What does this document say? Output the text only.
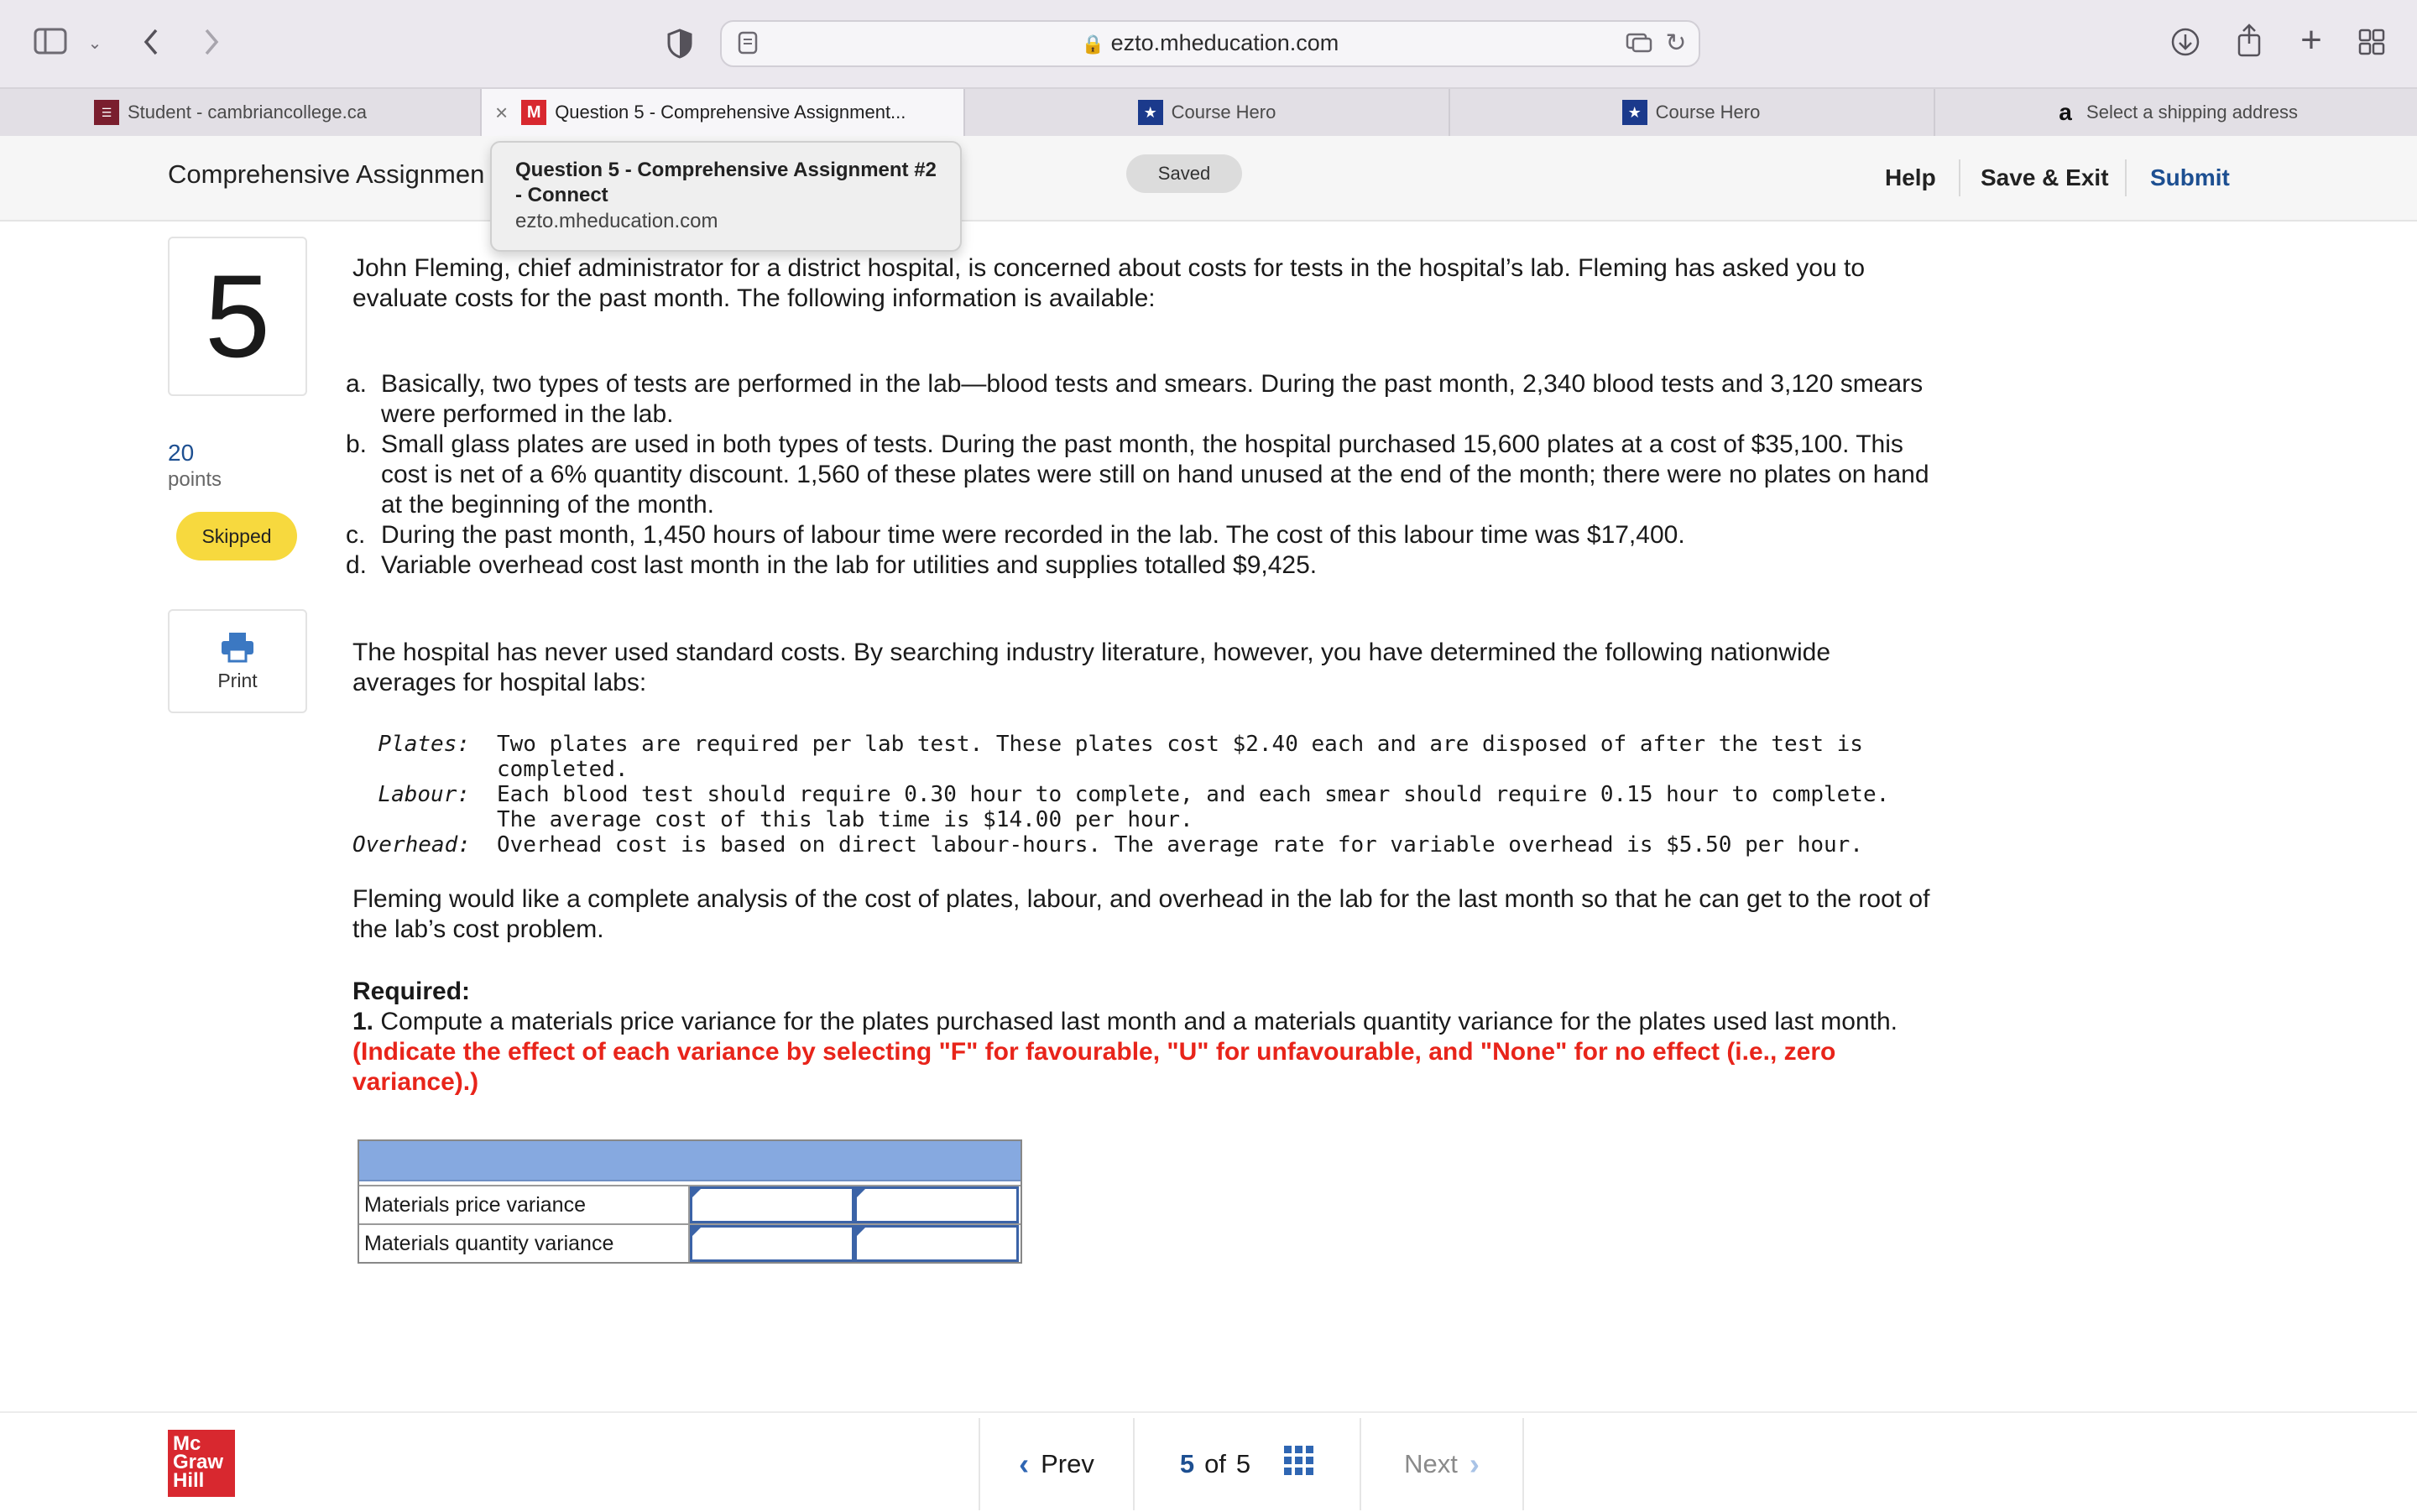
⌄	🔒 ezto.mheducation.com	↻	+
☰ Student - cambriancollege.ca	×	M Question 5 - Comprehensive Assignment...	★ Course Hero	★ Course Hero	a Select a shipping address
Comprehensive Assignmen	Saved	Help Save & Exit Submit
Question 5 - Comprehensive Assignment #2 - Connect
ezto.mheducation.com
5
20
points
Skipped
Print
John Fleming, chief administrator for a district hospital, is concerned about costs for tests in the hospital’s lab. Fleming has asked you to evaluate costs for the past month. The following information is available:
a. Basically, two types of tests are performed in the lab—blood tests and smears. During the past month, 2,340 blood tests and 3,120 smears were performed in the lab.
b. Small glass plates are used in both types of tests. During the past month, the hospital purchased 15,600 plates at a cost of $35,100. This cost is net of a 6% quantity discount. 1,560 of these plates were still on hand unused at the end of the month; there were no plates on hand at the beginning of the month.
c. During the past month, 1,450 hours of labour time were recorded in the lab. The cost of this labour time was $17,400.
d. Variable overhead cost last month in the lab for utilities and supplies totalled $9,425.
The hospital has never used standard costs. By searching industry literature, however, you have determined the following nationwide averages for hospital labs:
Plates: Two plates are required per lab test. These plates cost $2.40 each and are disposed of after the test is
completed.
Labour: Each blood test should require 0.30 hour to complete, and each smear should require 0.15 hour to complete.
The average cost of this lab time is $14.00 per hour.
Overhead: Overhead cost is based on direct labour-hours. The average rate for variable overhead is $5.50 per hour.
Fleming would like a complete analysis of the cost of plates, labour, and overhead in the lab for the last month so that he can get to the root of the lab’s cost problem.
Required:
1. Compute a materials price variance for the plates purchased last month and a materials quantity variance for the plates used last month. (Indicate the effect of each variance by selecting "F" for favourable, "U" for unfavourable, and "None" for no effect (i.e., zero variance).)
Materials price variance
Materials quantity variance
Mc
Graw
Hill	‹ Prev	5 of 5	Next ›
